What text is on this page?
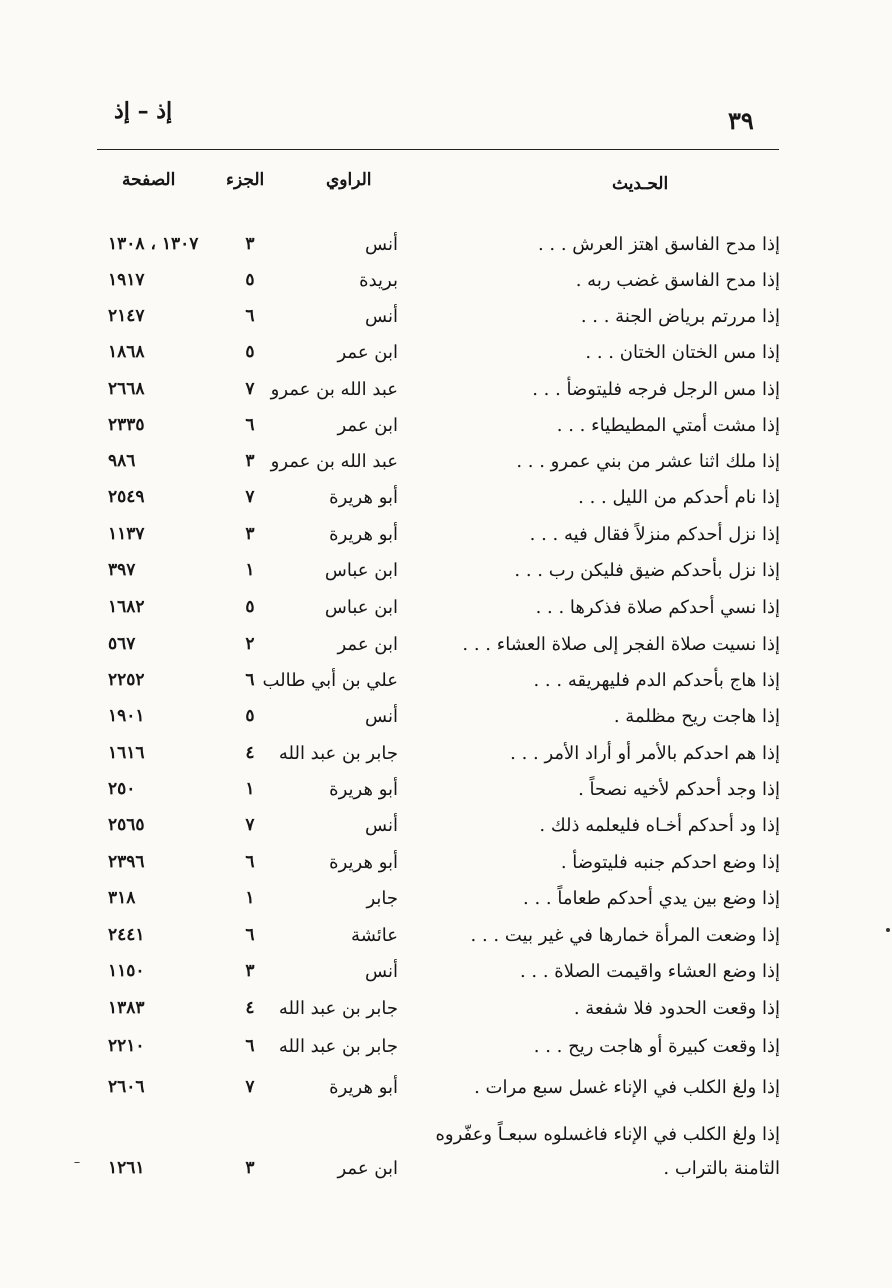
٣٩
إذ – إذ
الحـديث
الراوي
الجزء
الصفحة
إذا مدح الفاسق اهتز العرش . . .
أنس
٣
١٣٠٧ ، ١٣٠٨
إذا مدح الفاسق غضب ربه .
بريدة
٥
١٩١٧
إذا مررتم برياض الجنة . . .
أنس
٦
٢١٤٧
إذا مس الختان الختان . . .
ابن عمر
٥
١٨٦٨
إذا مس الرجل فرجه فليتوضأ . . .
عبد الله بن عمرو
٧
٢٦٦٨
إذا مشت أمتي المطيطياء . . .
ابن عمر
٦
٢٣٣٥
إذا ملك اثنا عشر من بني عمرو . . .
عبد الله بن عمرو
٣
٩٨٦
إذا نام أحدكم من الليل . . .
أبو هريرة
٧
٢٥٤٩
إذا نزل أحدكم منزلاً فقال فيه . . .
أبو هريرة
٣
١١٣٧
إذا نزل بأحدكم ضيق فليكن رب . . .
ابن عباس
١
٣٩٧
إذا نسي أحدكم صلاة فذكرها . . .
ابن عباس
٥
١٦٨٢
إذا نسيت صلاة الفجر إلى صلاة العشاء . . .
ابن عمر
٢
٥٦٧
إذا هاج بأحدكم الدم فليهريقه . . .
علي بن أبي طالب
٦
٢٢٥٢
إذا هاجت ريح مظلمة .
أنس
٥
١٩٠١
إذا هم احدكم بالأمر أو أراد الأمر . . .
جابر بن عبد الله
٤
١٦١٦
إذا وجد أحدكم لأخيه نصحاً .
أبو هريرة
١
٢٥٠
إذا ود أحدكم أخـاه فليعلمه ذلك .
أنس
٧
٢٥٦٥
إذا وضع احدكم جنبه فليتوضأ .
أبو هريرة
٦
٢٣٩٦
إذا وضع بين يدي أحدكم طعاماً . . .
جابر
١
٣١٨
إذا وضعت المرأة خمارها في غير بيت . . .
عائشة
٦
٢٤٤١
إذا وضع العشاء واقيمت الصلاة . . .
أنس
٣
١١٥٠
إذا وقعت الحدود فلا شفعة .
جابر بن عبد الله
٤
١٣٨٣
إذا وقعت كبيرة أو هاجت ريح . . .
جابر بن عبد الله
٦
٢٢١٠
إذا ولغ الكلب في الإناء غسل سبع مرات .
أبو هريرة
٧
٢٦٠٦
إذا ولغ الكلب في الإناء فاغسلوه سبعـاً وعفّروه
الثامنة بالتراب .
ابن عمر
٣
١٢٦١
